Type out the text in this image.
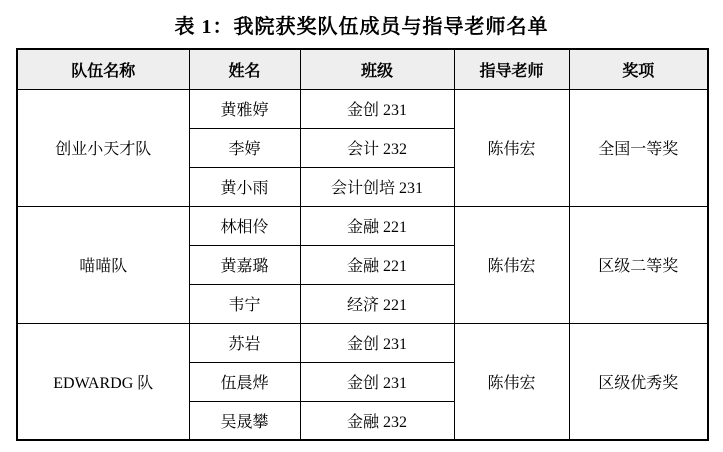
表 1：我院获奖队伍成员与指导老师名单
队伍名称	姓名	班级	指导老师	奖项
创业小天才队	黄雅婷	金创 231	陈伟宏	全国一等奖
	李婷	会计 232		
	黄小雨	会计创培 231		
喵喵队	林相伶	金融 221	陈伟宏	区级二等奖
	黄嘉璐	金融 221		
	韦宁	经济 221		
EDWARDG 队	苏岩	金创 231	陈伟宏	区级优秀奖
	伍晨烨	金创 231		
	吴晟攀	金融 232		
